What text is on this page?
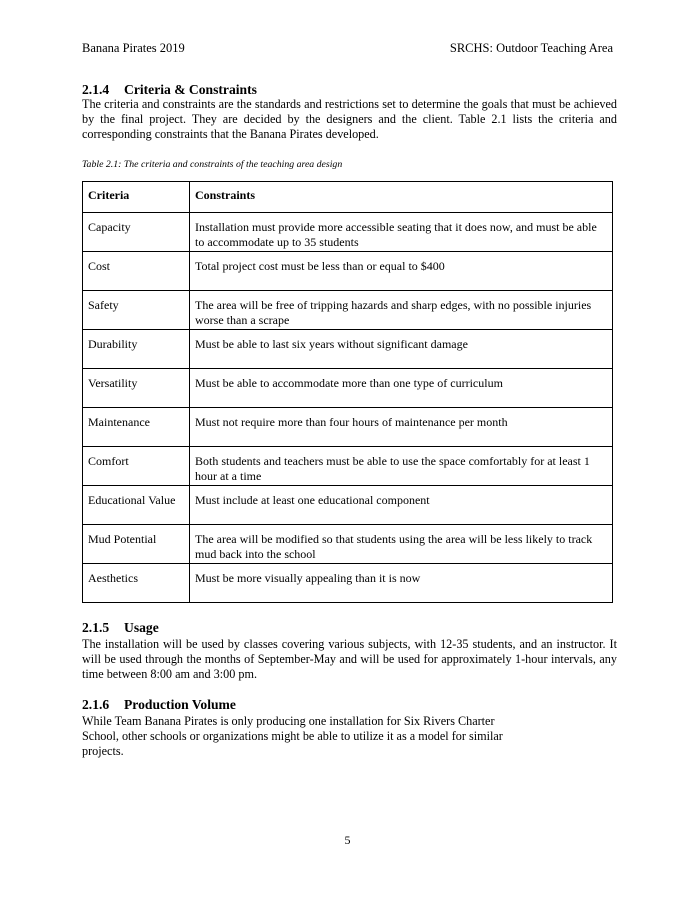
Banana Pirates 2019	SRCHS: Outdoor Teaching Area
2.1.4 Criteria & Constraints
The criteria and constraints are the standards and restrictions set to determine the goals that must be achieved by the final project. They are decided by the designers and the client. Table 2.1 lists the criteria and corresponding constraints that the Banana Pirates developed.
Table 2.1: The criteria and constraints of the teaching area design
Criteria	Constraints
Capacity	Installation must provide more accessible seating that it does now, and must be able to accommodate up to 35 students
Cost	Total project cost must be less than or equal to $400
Safety	The area will be free of tripping hazards and sharp edges, with no possible injuries worse than a scrape
Durability	Must be able to last six years without significant damage
Versatility	Must be able to accommodate more than one type of curriculum
Maintenance	Must not require more than four hours of maintenance per month
Comfort	Both students and teachers must be able to use the space comfortably for at least 1 hour at a time
Educational Value	Must include at least one educational component
Mud Potential	The area will be modified so that students using the area will be less likely to track mud back into the school
Aesthetics	Must be more visually appealing than it is now
2.1.5 Usage
The installation will be used by classes covering various subjects, with 12-35 students, and an instructor. It will be used through the months of September-May and will be used for approximately 1-hour intervals, any time between 8:00 am and 3:00 pm.
2.1.6 Production Volume
While Team Banana Pirates is only producing one installation for Six Rivers Charter School, other schools or organizations might be able to utilize it as a model for similar projects.
5
